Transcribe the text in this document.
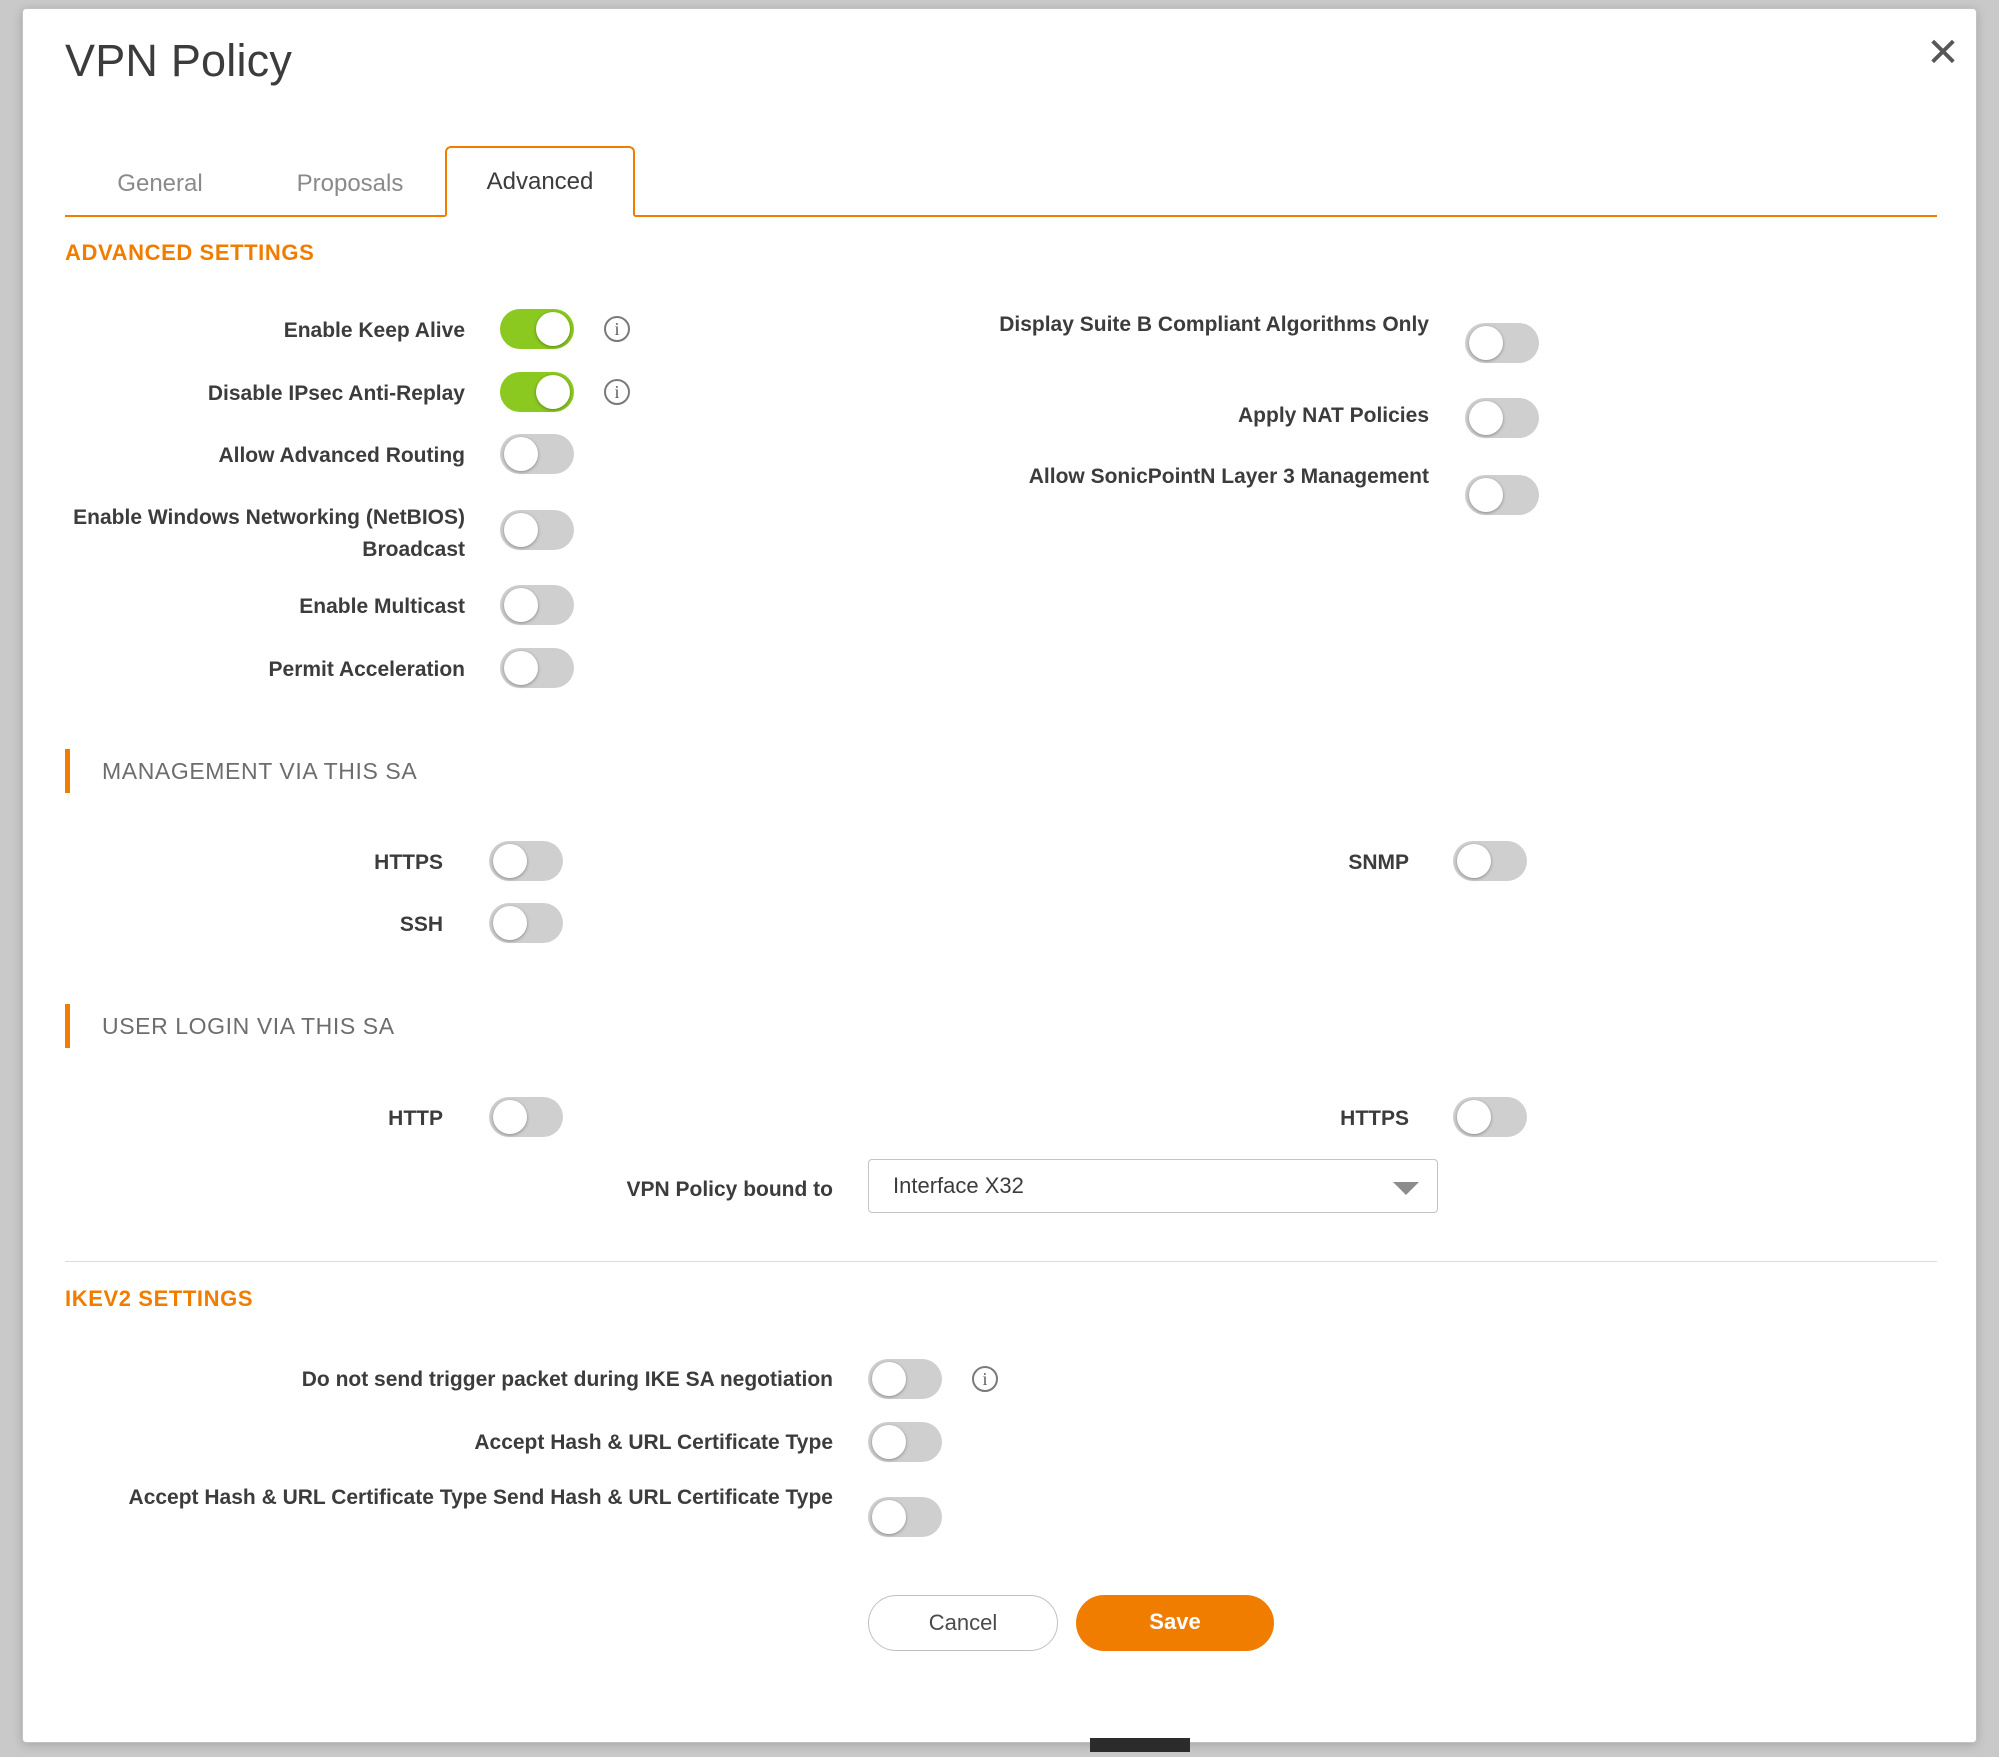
VPN Policy
General	Proposals	Advanced
ADVANCED SETTINGS
Enable Keep Alive	i
Disable IPsec Anti-Replay	i
Allow Advanced Routing
Enable Windows Networking (NetBIOS) Broadcast
Enable Multicast
Permit Acceleration
Display Suite B Compliant Algorithms Only
Apply NAT Policies
Allow SonicPointN Layer 3 Management
MANAGEMENT VIA THIS SA
HTTPS
SSH
SNMP
USER LOGIN VIA THIS SA
HTTP	HTTPS
VPN Policy bound to	Interface X32
IKEV2 SETTINGS
Do not send trigger packet during IKE SA negotiation	i
Accept Hash & URL Certificate Type
Accept Hash & URL Certificate Type Send Hash & URL Certificate Type
Cancel	Save
✕
